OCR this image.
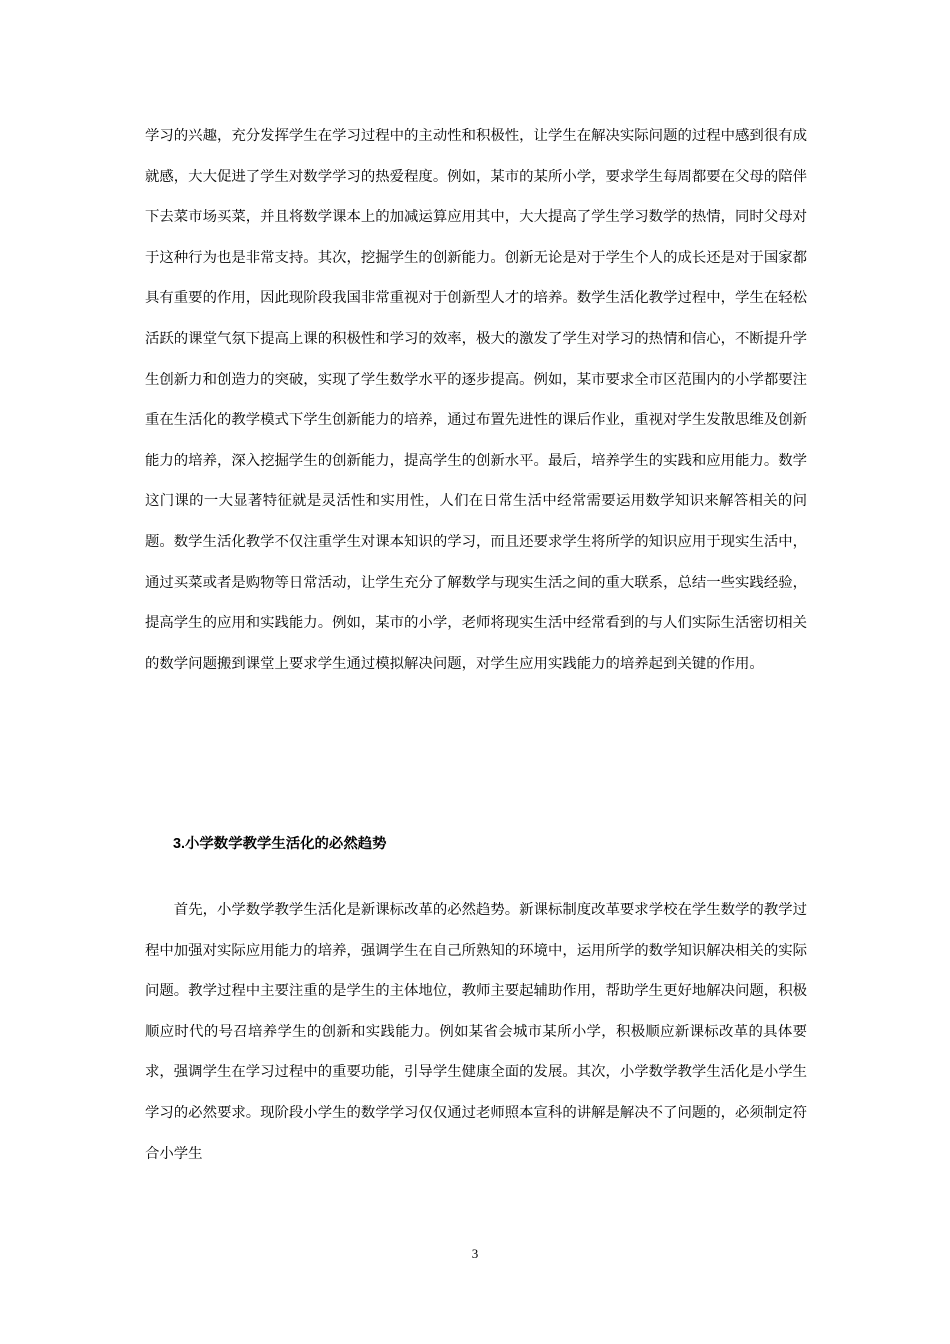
学习的兴趣，充分发挥学生在学习过程中的主动性和积极性，让学生在解决实际问题的过程中感到很有成就感，大大促进了学生对数学学习的热爱程度。例如，某市的某所小学，要求学生每周都要在父母的陪伴下去菜市场买菜，并且将数学课本上的加减运算应用其中，大大提高了学生学习数学的热情，同时父母对于这种行为也是非常支持。其次，挖掘学生的创新能力。创新无论是对于学生个人的成长还是对于国家都具有重要的作用，因此现阶段我国非常重视对于创新型人才的培养。数学生活化教学过程中，学生在轻松活跃的课堂气氛下提高上课的积极性和学习的效率，极大的激发了学生对学习的热情和信心，不断提升学生创新力和创造力的突破，实现了学生数学水平的逐步提高。例如，某市要求全市区范围内的小学都要注重在生活化的教学模式下学生创新能力的培养，通过布置先进性的课后作业，重视对学生发散思维及创新能力的培养，深入挖掘学生的创新能力，提高学生的创新水平。最后，培养学生的实践和应用能力。数学这门课的一大显著特征就是灵活性和实用性，人们在日常生活中经常需要运用数学知识来解答相关的问题。数学生活化教学不仅注重学生对课本知识的学习，而且还要求学生将所学的知识应用于现实生活中，通过买菜或者是购物等日常活动，让学生充分了解数学与现实生活之间的重大联系，总结一些实践经验，提高学生的应用和实践能力。例如，某市的小学，老师将现实生活中经常看到的与人们实际生活密切相关的数学问题搬到课堂上要求学生通过模拟解决问题，对学生应用实践能力的培养起到关键的作用。

3.小学数学教学生活化的必然趋势

首先，小学数学教学生活化是新课标改革的必然趋势。新课标制度改革要求学校在学生数学的教学过程中加强对实际应用能力的培养，强调学生在自己所熟知的环境中，运用所学的数学知识解决相关的实际问题。教学过程中主要注重的是学生的主体地位，教师主要起辅助作用，帮助学生更好地解决问题，积极顺应时代的号召培养学生的创新和实践能力。例如某省会城市某所小学，积极顺应新课标改革的具体要求，强调学生在学习过程中的重要功能，引导学生健康全面的发展。其次，小学数学教学生活化是小学生学习的必然要求。现阶段小学生的数学学习仅仅通过老师照本宣科的讲解是解决不了问题的，必须制定符合小学生

3
